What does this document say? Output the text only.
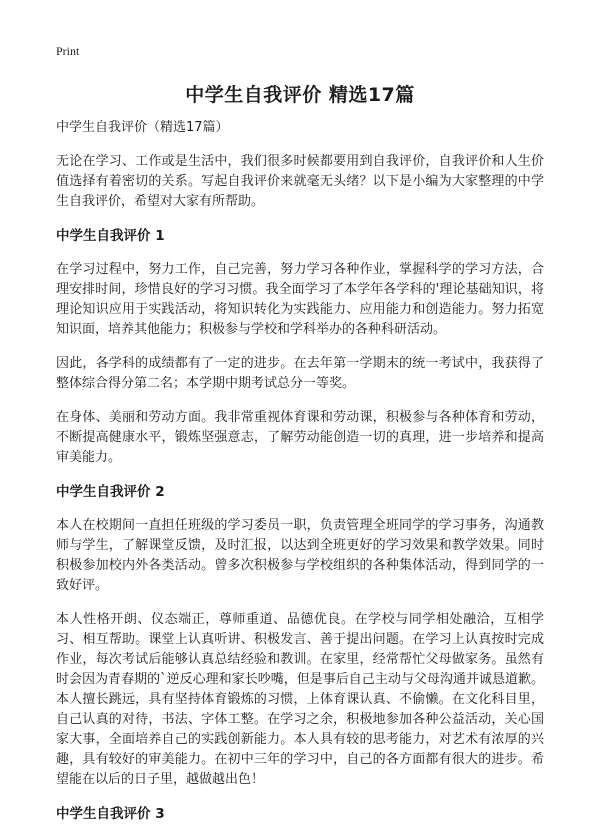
Print
中学生自我评价 精选17篇

中学生自我评价（精选17篇）

无论在学习、工作或是生活中，我们很多时候都要用到自我评价，自我评价和人生价值选择有着密切的关系。写起自我评价来就毫无头绪？以下是小编为大家整理的中学生自我评价，希望对大家有所帮助。

中学生自我评价 1

在学习过程中，努力工作，自己完善，努力学习各种作业，掌握科学的学习方法，合理安排时间，珍惜良好的学习习惯。我全面学习了本学年各学科的'理论基础知识，将理论知识应用于实践活动，将知识转化为实践能力、应用能力和创造能力。努力拓宽知识面，培养其他能力；积极参与学校和学科举办的各种科研活动。

因此，各学科的成绩都有了一定的进步。在去年第一学期末的统一考试中，我获得了整体综合得分第二名；本学期中期考试总分一等奖。

在身体、美丽和劳动方面。我非常重视体育课和劳动课，积极参与各种体育和劳动，不断提高健康水平，锻炼坚强意志，了解劳动能创造一切的真理，进一步培养和提高审美能力。

中学生自我评价 2

本人在校期间一直担任班级的学习委员一职，负责管理全班同学的学习事务，沟通教师与学生，了解课堂反馈，及时汇报，以达到全班更好的学习效果和教学效果。同时积极参加校内外各类活动。曾多次积极参与学校组织的各种集体活动，得到同学的一致好评。

本人性格开朗、仪态端正，尊师重道、品德优良。在学校与同学相处融洽，互相学习、相互帮助。课堂上认真听讲、积极发言、善于提出问题。在学习上认真按时完成作业，每次考试后能够认真总结经验和教训。在家里，经常帮忙父母做家务。虽然有时会因为青春期的`逆反心理和家长吵嘴，但是事后自己主动与父母沟通并诚恳道歉。本人擅长跳远，具有坚持体育锻炼的习惯，上体育课认真、不偷懒。在文化科目里，自己认真的对待，书法、字体工整。在学习之余，积极地参加各种公益活动，关心国家大事，全面培养自己的实践创新能力。本人具有较的思考能力，对艺术有浓厚的兴趣，具有较好的审美能力。在初中三年的学习中，自己的各方面都有很大的进步。希望能在以后的日子里，越做越出色！

中学生自我评价 3
